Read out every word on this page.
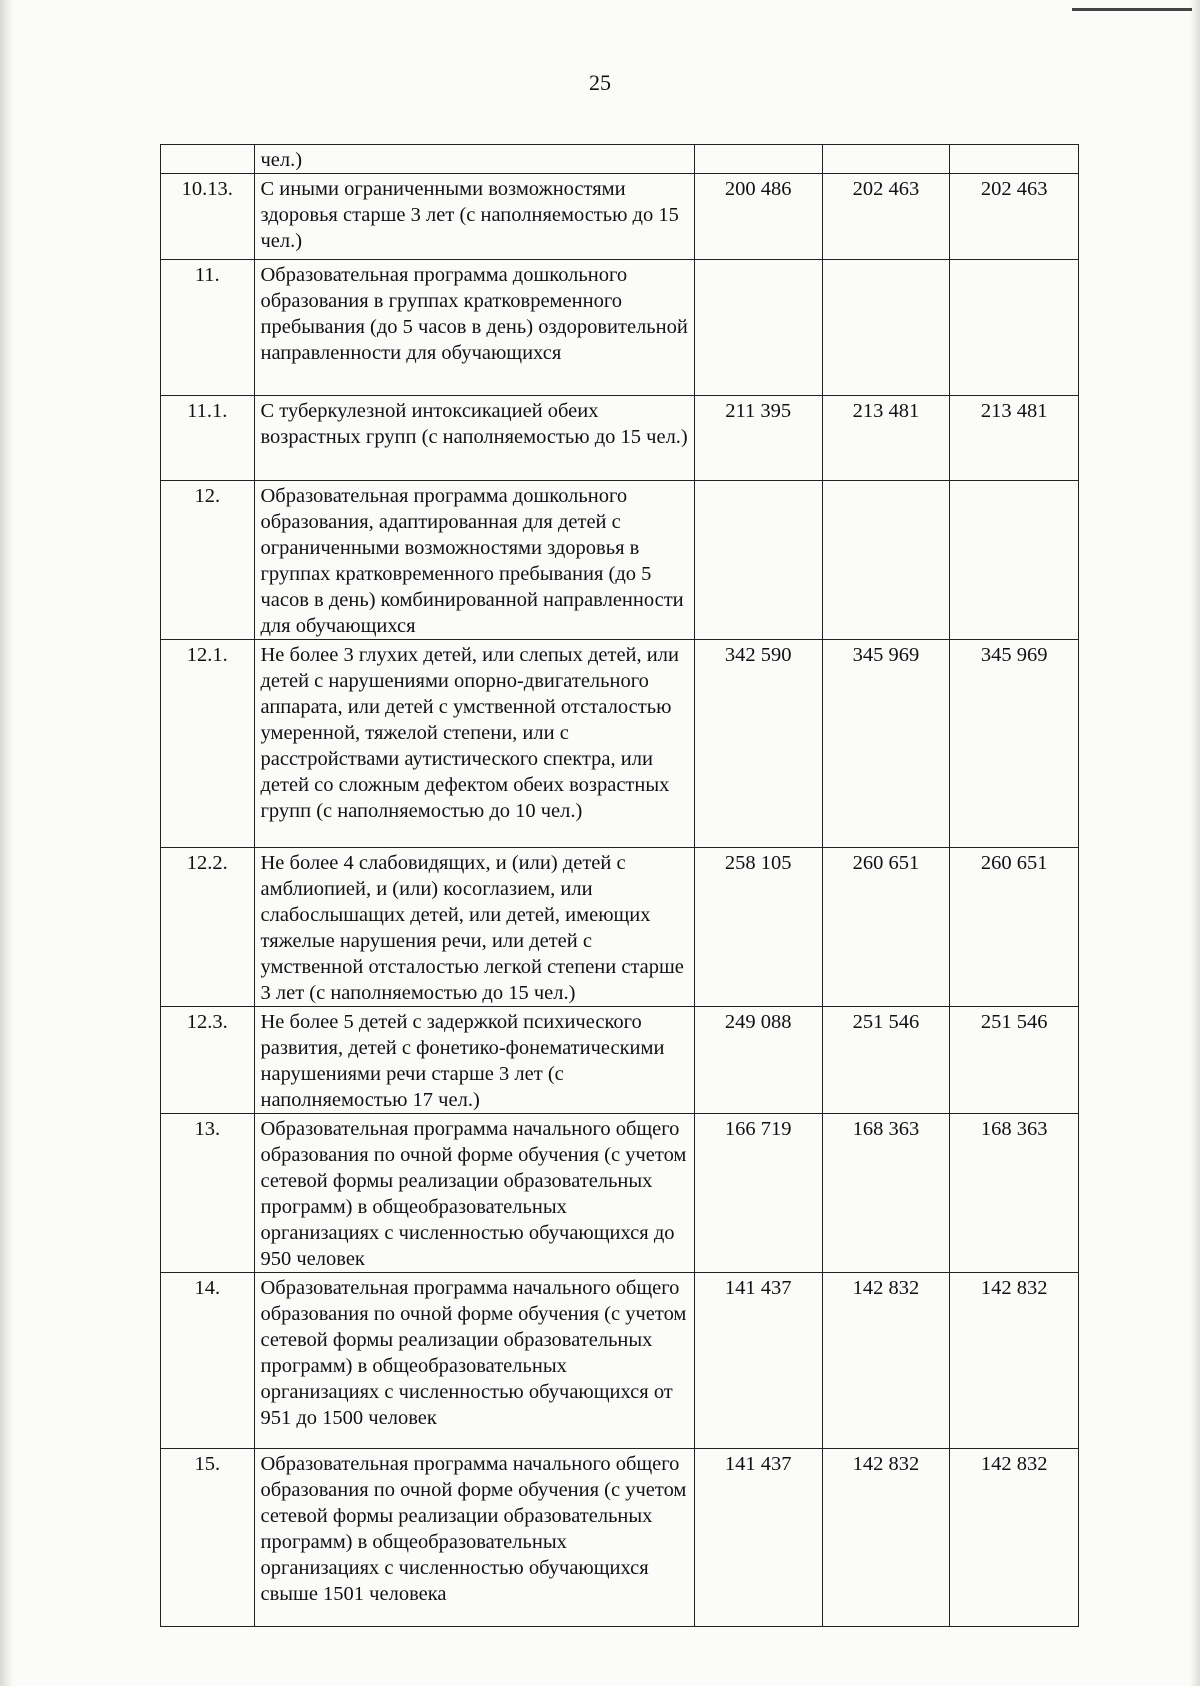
25
	чел.)			
10.13.	С иными ограниченными возможностями здоровья старше 3 лет (с наполняемостью до 15 чел.)	200 486	202 463	202 463
11.	Образовательная программа дошкольного образования в группах кратковременного пребывания (до 5 часов в день) оздоровительной направленности для обучающихся			
11.1.	С туберкулезной интоксикацией обеих возрастных групп (с наполняемостью до 15 чел.)	211 395	213 481	213 481
12.	Образовательная программа дошкольного образования, адаптированная для детей с ограниченными возможностями здоровья в группах кратковременного пребывания (до 5 часов в день) комбинированной направленности для обучающихся			
12.1.	Не более 3 глухих детей, или слепых детей, или детей с нарушениями опорно-двигательного аппарата, или детей с умственной отсталостью умеренной, тяжелой степени, или с расстройствами аутистического спектра, или детей со сложным дефектом обеих возрастных групп (с наполняемостью до 10 чел.)	342 590	345 969	345 969
12.2.	Не более 4 слабовидящих, и (или) детей с амблиопией, и (или) косоглазием, или слабослышащих детей, или детей, имеющих тяжелые нарушения речи, или детей с умственной отсталостью легкой степени старше 3 лет (с наполняемостью до 15 чел.)	258 105	260 651	260 651
12.3.	Не более 5 детей с задержкой психического развития, детей с фонетико-фонематическими нарушениями речи старше 3 лет (с наполняемостью 17 чел.)	249 088	251 546	251 546
13.	Образовательная программа начального общего образования по очной форме обучения (с учетом сетевой формы реализации образовательных программ) в общеобразовательных организациях с численностью обучающихся до 950 человек	166 719	168 363	168 363
14.	Образовательная программа начального общего образования по очной форме обучения (с учетом сетевой формы реализации образовательных программ) в общеобразовательных организациях с численностью обучающихся от 951 до 1500 человек	141 437	142 832	142 832
15.	Образовательная программа начального общего образования по очной форме обучения (с учетом сетевой формы реализации образовательных программ) в общеобразовательных организациях с численностью обучающихся свыше 1501 человека	141 437	142 832	142 832
